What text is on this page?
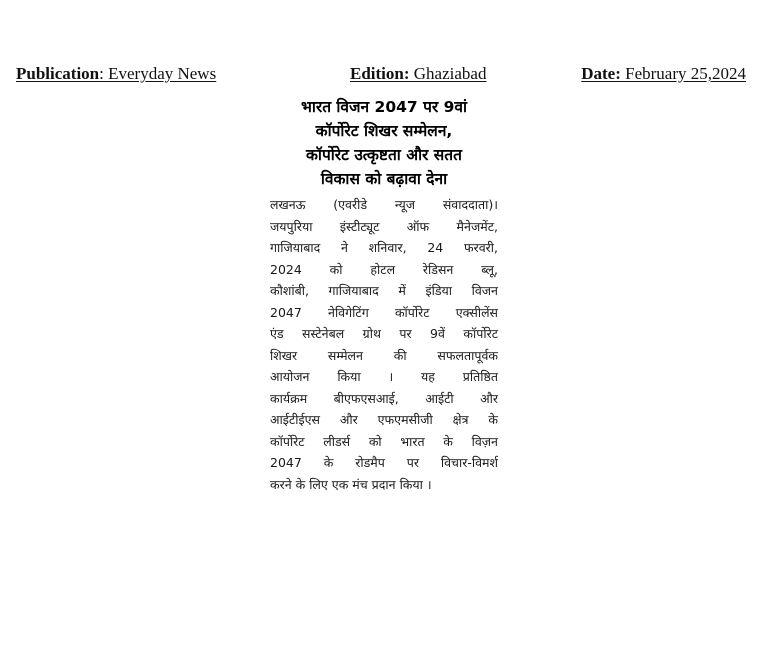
Publication: Everyday News	Edition: Ghaziabad	Date: February 25,2024
भारत विजन 2047 पर 9वां
कॉर्पोरेट शिखर सम्मेलन,
कॉर्पोरेट उत्कृष्टता और सतत
विकास को बढ़ावा देना
लखनऊ (एवरीडे न्यूज संवाददाता)।
जयपुरिया इंस्टीट्यूट ऑफ मैनेजमेंट,
गाजियाबाद ने शनिवार, 24 फरवरी,
2024 को होटल रेडिसन ब्लू,
कौशांबी, गाजियाबाद में इंडिया विजन
2047 नेविगेटिंग कॉर्पोरेट एक्सीलेंस
एंड सस्टेनेबल ग्रोथ पर 9वें कॉर्पोरेट
शिखर सम्मेलन की सफलतापूर्वक
आयोजन किया । यह प्रतिष्ठित
कार्यक्रम बीएफएसआई, आईटी और
आईटीईएस और एफएमसीजी क्षेत्र के
कॉर्पोरेट लीडर्स को भारत के विज़न
2047 के रोडमैप पर विचार-विमर्श
करने के लिए एक मंच प्रदान किया ।
